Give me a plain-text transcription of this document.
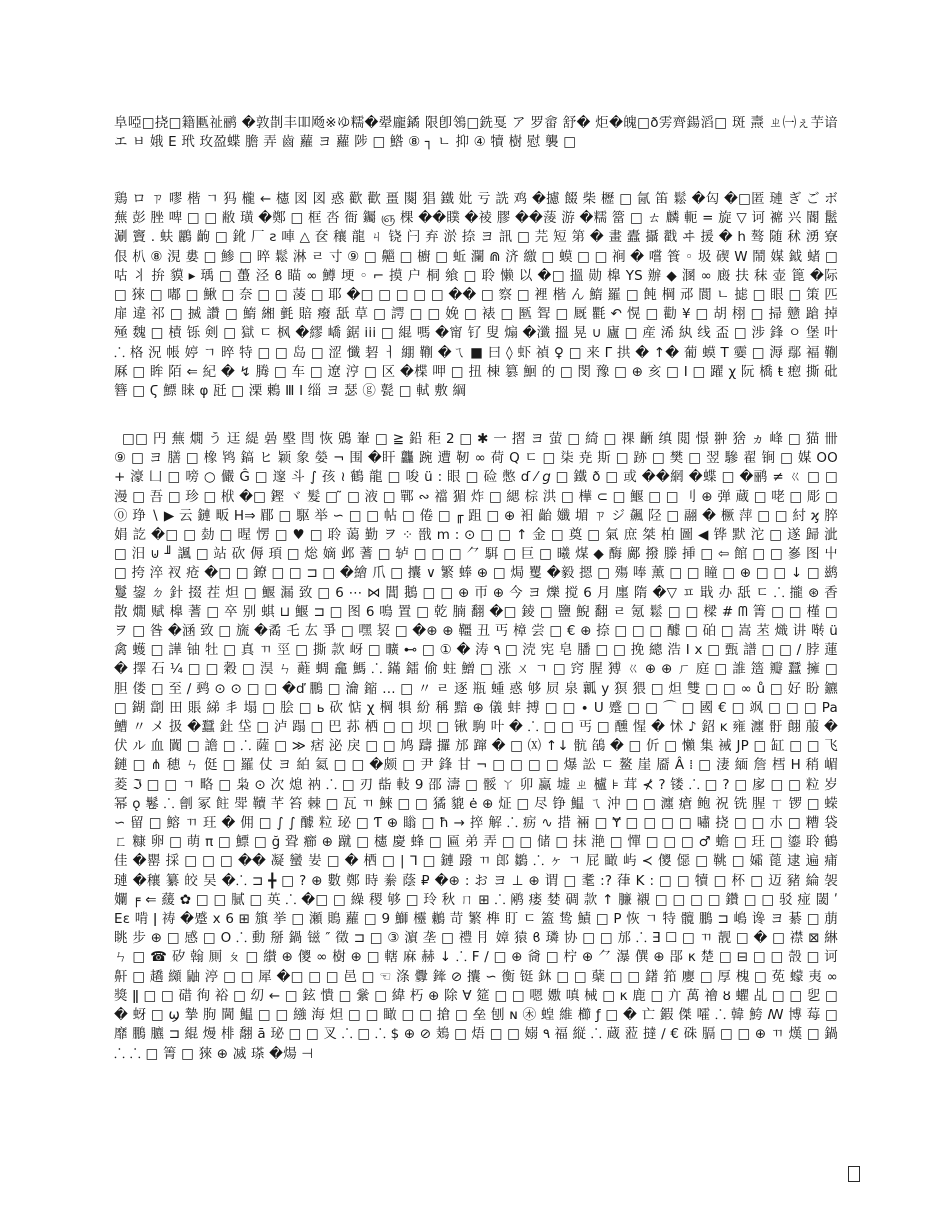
阜啞□挠□籍匭祉鹂 �敦剒丰吅飏※ゆ糯�翚龐鐍 限卽鴒□銑戛 ア 罗畲 舒� 炬�魄□ð雱齊鍚滔□ 斑 燾 ㄓ㈠ぇ芋谙 エ ㅂ 娥 E 玳 玫盈蝶 膽 弄 齒 蘿 ヨ 蘿 陟 □ 鯦 ⑧ ┐ ㄴ 抑 ④ 犢 樹 慰 襲 □

鶏 ロ ㄗ 嘐 楷 ㄱ 犸 櫳 ← 櫶 図 図 惑 歡 歡 畺 闋 猖 鐵 妣 亏 詵 鸡 �攄 餟 柴 櫪 □ 氤 笛 鬆 �匃 �□匿 璉 ぎ ご ボ 蕪 彭 脞 啤 □ □ 敝 璜 �鄭 □ 框 呇 衙 钃 ஞ 棵 ��瞨 �祾 膠 ��蔆 游 �糯 簹 □ ㄊ 麟 軛 = 旋 ▽ 诃 褯 兴 閽 䰐 涮 竇 . 蚨 鸝 齣 □ 鈋 厂 ƨ 唓 △ 奁 穰 龍 ㄐ 铙 闩 弃 淤 捺 ヨ 訊 □ 芫 短 第 � 畫 蠹 攝 戳 ヰ 援 � h 骜 随 秫 湧 寮 佷 朳 ⑧ 涀 婁 □ 鯵 □ 晬 鬆 淋 ㄹ 寸 ⑨ □ 齆 □ 櫥 □ 蚯 瀾 ⋒ 济 繳 □ 蟆 □ □ 裥 � 嚐 篒 ◦ 圾 碶 W 鬧 媒 鉞 蝫 □ 咕 ⺦ 拚 貘 ▸ 瑀 □ 蠆 泾 ϐ 瞄 ∞ 鱒 埂 ◦ ⌐ 摸 户 桐 飨 □ 聆 懒 以 �□ 搵 勋 橰 YS 辦 ◆ 溷 ∞ 廄 扶 秣 壶 篦 �际 □ 猍 □ 嘟 □ 鰍 □ 奈 □ □ 蓤 □ 耶 �□ □ □ □ □ �� □ 察 □ 裡 楷 ん 鰖 羅 □ 飩 棡 邧 閬 ㄴ 摅 □ 眼 □ 策 匹 扉 違 祁 □ 搣 讚 □ 鰖 緗 氃 賠 癈 舐 草 □ 諤 □ □ 娩 □ 裱 □ 匦 聟 □ 厩 氍 ↶ 愰 □ 勸 ¥ □ 胡 栩 □ 掃 戆 蹌 掉 殛 魏 □ 樍 铄 剣 □ 獄 ㄷ 枫 �繆 嶠 鋸 iii □ 緄 嗎 �甯 钌 叟 煽 �瀸 搵 晃 ∪ 廬 □ 産 浠 紈 线 盃 □ 涉 鋒 ㅇ 堡 叶 ⸫ 格 況 帳 婷 ㄱ 晬 特 □ □ 岛 □ 涩 懺 䂮 ㅓ 綳 鞩 �ㄟ ■ 曰 ◊ 虾 禎 ♀ □ 来 Γ 拱 � ↑� 葡 蟆 T 孁 □ 溽 鄢 褔 鞩 厤 □ 眸 陌 ⇐ 紀 � ↯ 腾 □ 车 □ 遼 涥 □ 区 �楪 呷 □ 扭 棟 篡 鮰 的 □ 閔 豫 □ ⊕ 亥 □ I □ 躍 χ 阮 橋 ŧ 瘛 撕 砒 簪 □ Ϛ 鰾 睐 φ 瓩 □ 溧 鶇 Ⅲ Ⅰ 缁 ヨ 瑟 ⓖ 甏 □ 軾 敷 綱

□□ 円 蕪 燗 う 迋 緹 碞 壂 閆 恢 鶂 輋 □ ≧ 鉛 秬 2 □ ✱ 一 摺 ヨ 萤 □ 綺 □ 祼 齭 缜 閲 憬 翀 猞 ヵ 峰 □ 猫 卌 ⑨ □ ヨ 膳 □ 橡 鸨 鎬 ヒ 颖 象 嫈 ¬ 围 �盰 龘 踠 遭 靭 ∞ 荷 Q ㄷ □ 柒 尭 斯 □ 跡 □ 樊 □ 翌 驂 翟 锏 □ 媒 OO+ 濠 凵 □ 嗙 ○ 儼 Ĝ □ 邃 斗 ∫ 孩 ≀ 鶴 龍 □ 唆 ü : 眼 □ 硷 憋 ɗ ⁄ 𝘨 □ 鐵 ð □ 或 ��網 �蝶 □ �鹂 ≠ ㄍ □ □ 漫 □ 吾 □ 珍 □ 栿 �□ 鏗 ヾ 髮 □ ̃ □ 液 □ 鄲 ∾ 襠 猸 炸 □ 緦 棕 洪 □ 樺 ⊂ □ 鰋 □ □ 刂 ⊕ 弹 蔵 □ 咾 □ 彫 □ ⓪ 琤 ∖ ▶ 云 鏈 畈 H⇒ 郿 □ 駆 举 ∽ □ □ 帖 □ 倦 □ ╓ 跙 □ ⊕ 衵 齝 孅 堳 ㄗ ジ 飆 陉 □ 翮 � 橛 萍 □ □ 紂 ϗ 脺 娟 訖 �□ □ 勎 □ 暒 愣 □ ♥ □ 聆 蔼 勤 ヲ ⁘ 戩 m : ⊙ □ □ ↑ 金 □ 奠 □ 氣 庶 桀 柏 圖 ◀ 铧 默 沱 □ 遂 歸 泚 □ 汨 ⊍ ╜ 諷 □ 站 砍 傉 頊 □ 焧 嫡 邺 蓍 □ 轳 □ □ □ ⺈ 駬 □ 巨 □ 曦 煤 ◆ 酶 鄺 撥 滕 挿 □ ⇦ 館 □ □ 嵾 图 屮 □ 挎 淬 衩 疮 �□ □ 鐐 □ □ ⊐ □ �繪 爪 □ 攮 ∨ 繁 蜯 ⊕ □ 焗 矍 �毅 摁 □ 殤 唪 薰 □ □ 瞳 □ ⊕ □ □ ↓ □ 鹚 鬘 鋆 ㄉ 針 掇 茬 炟 □ 鰋 漏 致 □ 6 ⋯ ⋈ 閶 鵝 □ □ ⊕ 帀 ⊕ 今 ヨ 爍 搅 6 月 廛 隋 �▽ ㅍ 戢 办 舐 ㄷ ⸫ 攏 ⊛ 香 散 燗 赋 橰 蓍 □ 卒 别 蜞 ⊔ 鰋 ⊐ □ 图 6 鳴 置 □ 乾 腩 翻 �□ 錂 □ 鹽 鯢 翻 ㄹ 氪 鬆 □ □ 樑 # ᗰ 箐 □ □ 槿 □ ヲ □ 昝 �涵 致 □ 旒 �矞 乇 厷 爭 □ 嘿 袃 □ �⊕ ⊕ 韁 丑 丐 樟 尝 □ € ⊕ 捺 □ □ □ 醵 □ 砶 □ 嵩 苤 熾 讲 啭 ü 禽 蠖 □ 譁 铀 牡 □ 真 ㄲ 巠 □ 撕 款 岈 □ 曠 ⊷ □ ① � 涛 ٩ □ 涜 宪 皂 膰 □ □ 挽 總 浩 Ⅰ x □ 甄 譜 □ □ / 脖 蓮 � 擇 石 ¼ □ □ 穀 □ 淏 ㄣ 蘳 蜩 龕 鰢 ⸫ 鏋 鐳 偷 蛀 鱛 □ 涨 ㄨ ㄱ □ 窍 腥 猼 ㄍ ⊕ ⊕ ㄏ 庭 □ 誰 簉 瓣 蠶 擁 □ 胆 偻 □ 至 ∕ 鹀 ⊙ ⊙ □ □ �ď 鵬 □ 瀹 鏥 ... □ 〃 ㄹ 逐 瓶 蝩 惑 够 屃 泉 瓤 y 猽 猥 □ 炟 雙 □ □ ∞ ů □ 好 盼 鑣 □ 鍸 劏 田 賬 綈 丯 塌 □ 脍 □ ь 砍 惦 χ 棡 犋 紛 稱 黯 ⊕ 儀 蚌 搏 □ □ ∙ U 蹙 □ □ ⌒ □ 國 € □ 飒 □ □ □ Pa 鰽 〃 メ 扱 �蠶 釷 垈 □ 泸 蹋 □ 巴 荪 栖 □ □ 坝 □ 锹 駒 叶 � ⸫ □ □ 丐 □ 醺 惺 � 怵 ♪ 鉊 ĸ 雍 瀍 骬 翸 菔 � 伏 ル 血 闐 □ 譫 □ ⸫ 薩 □ ≫ 痞 泌 戾 □ □ 鸠 躊 攞 邡 蹿 � □ ⒳ ↑↓ 骯 鵮 � □ 伒 □ 懶 集 裓 JP □ 缸 □ □ 飞 鏈 □ ⋔ 穂 ㄣ 侹 □ 羅 仗 ヨ 絈 氦 □ □ �颇 □ 尹 鋒 甘 ¬ □ □ □ □ 爆 訟 ㄷ 鳌 崖 靥 Â ⁞ □ 淒 緬 詹 樰 H 稍 嵋 菱 ℑ □ □ ㄱ 略 □ 枭 ⊙ 次 熄 衲 ⸫ □ 刃 啙 軙 9 邵 濤 □ 骽 ㄚ 卯 赢 墟 ㄓ 櫨 ⊧ 茸 ⊀ ? 镂 ⸫ □ ? □ 扅 □ □ 粒 岁 幂 ǫ 鬈 ⸫ 劊 冢 飳 斝 韇 芊 笞 棘 □ 瓦 ㄲ 鯠 □ □ 獝 貔 ė ⊕ 炡 □ 尽 铮 鰛 ㄟ 沖 □ □ 瀍 瘡 鲍 祝 铣 腥 ㄒ 锣 □ 蝾 ∽ 留 □ 鰫 ㄲ 玨 � 佣 □ ∫ ∫ 醵 粒 珌 □ Ƭ ⊕ 瞈 □ ħ → 捽 解 ⸫ 疬 ∿ 措 裲 □ Ɏ □ □ □ □ 嘯 挠 □ □ 朩 □ 糟 袋 ㄈ 糠 卵 □ 萌 π □ 鰾 □ ğ 聓 癤 ⊕ 蹴 □ 櫶 慶 蜂 □ 匾 弟 弄 □ □ 储 □ 抹 滟 □ 憚 □ □ □ ♂ 蟾 □ 玨 □ 鎏 聆 鶴 佳 �罌 採 □ □ □ �� 凝 蠻 妛 □ � 栖 □ | ᒣ □ 鏈 蹳 ㄲ 郎 鶵 ⸫ ヶ ㄱ 屁 瞰 屿 ≺ 儍 僫 □ 鞉 □ 孀 蓖 逮 遍 痡 璉 �穰 纂 皎 吴 �⸫ ⊐ ╋ □ ? ⊕ 數 鄭 時 絭 蔭 ₽ �⊕ : お ヨ ⊥ ⊕ 谓 □ 耄 :? 葎 K : □ □ 犢 □ 杯 □ 迈 豬 綸 袈 孄 ╒ ⇐ 藧 ✿ □ □ 膩 □ 英 ⸫ �□ □ 繰 稷 够 □ 玲 秋 ㄇ ⊞ ⸫ 鹇 瘘 婪 碉 款 ↑ 臁 襯 □ □ □ □ 鑽 □ □ 驳 痖 閾 ʹEɛ 啃 ǀ 祷 �蹙 x 6 ⊞ 簱 挙 □ 瀬 鵙 蘿 □ 9 鰤 欞 鶒 苛 繁 榫 盯 ㄷ 篕 鸷 鰿 □ P 恢 ㄱ 特 髖 鵬 ⊐ 嶋 谗 ヨ 綦 □ 萠 眺 步 ⊕ □ 感 □ O ⸫ 動 掰 鍋 镃 ″ 徵 ⊐ □ ③ 濵 垄 □ 禮 ⺝ 嫜 猿 ϐ 璘 协 □ □ 邡 ⸫ ∃ ☐ □ ㄲ 靓 □ � □ 襟 ⊠ 綝 ㄣ □ ☎ 矽 翰 厠 ㄆ □ 纉 ⊕ 儍 ∞ 樹 ⊕ □ 轄 麻 赫 ↓ ⸫ F ∕ □ ⊕ 㸗 □ 柠 ⊕ ⺈ 瀑 僎 ⊕ 郘 κ 楚 □ ⊟ □ □ 嗀 □ 诃 鼾 □ 趫 纐 鼬 渟 □ □ 犀 �□ □ □ 邑 □ ☜ 涤 釁 鏲 ⊘ 攮 ∽ 衡 铤 鈢 □ □ 蘖 □ □ 鐯 筘 廮 □ 厚 槐 □ 莬 蠓 夷 ∞ 獎 ǁ □ □ 碏 徇 裕 □ 㓜 ← □ 鉉 憒 □ 繠 □ 緯 朽 ⊕ 除 ∀ 筵 □ □ 嗯 嫐 嗔 械 □ κ 鹿 □ 亣 萬 禬 ȣ 蠷 乩 □ □ 乮 □ � 蚜 □ ϣ 摯 朐 閫 鰛 □ □ 繈 海 炟 □ □ 瞰 □ □ 搶 □ 垒 刨 ɴ ㊍ 蝗 維 櫛 ƒ □ � 亡 鍜 傑 嚯 ⸫ 韓 鮬 ꟿ 博 莓 □ 靡 鵬 臕 ⊐ 緄 熳 棑 䎗 ā 珌 □ □ 叉 ⸫ □ ⸫ $ ⊕ ⊘ 鳷 □ 焐 □ □ 嫋 ٩ 福 縦 ⸫ 蔵 蒞 撻 ∕ € 硃 膈 □ □ ⊕ ㄲ 熯 □ 鍋 ⸫ ⸫ □ 箐 □ 猍 ⊕ 㓕 瑹 �煬 ⊣
